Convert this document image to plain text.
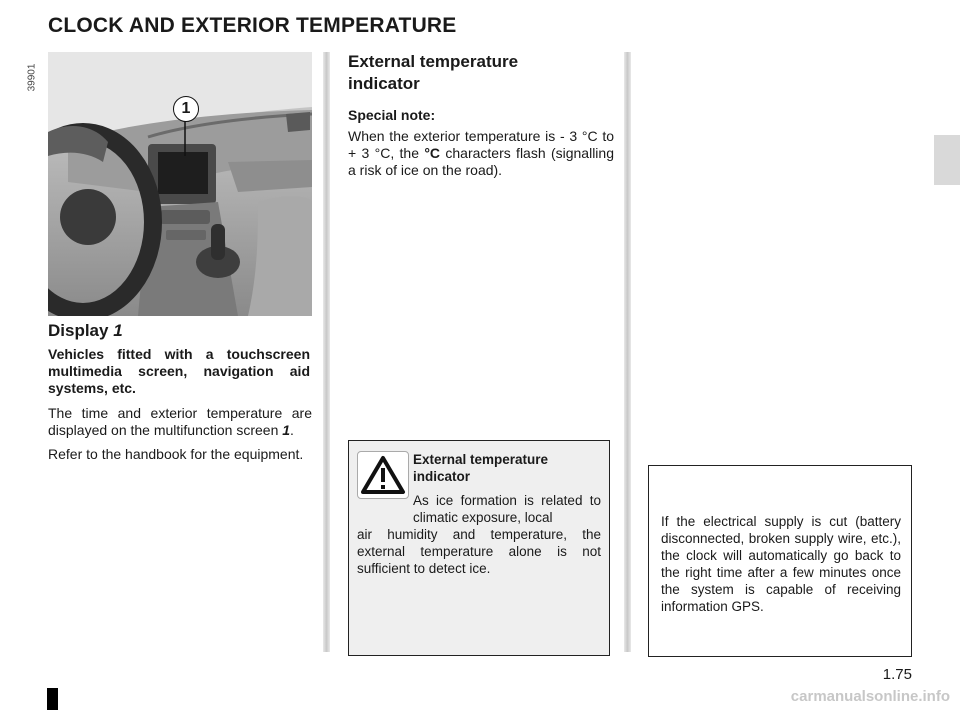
CLOCK AND EXTERIOR TEMPERATURE
39901
1
Display 1

Vehicles fitted with a touchscreen multimedia screen, navigation aid systems, etc.

The time and exterior temperature are displayed on the multifunction screen 1.

Refer to the handbook for the equipment.

External temperature
indicator

Special note:

When the exterior temperature is - 3 °C to + 3 °C, the °C characters flash (signalling a risk of ice on the road).

External temperature indicator

As ice formation is related to climatic exposure, local

air humidity and temperature, the external temperature alone is not sufficient to detect ice.

If the electrical supply is cut (battery disconnected, broken supply wire, etc.), the clock will automatically go back to the right time after a few minutes once the system is capable of receiving information GPS.

1.75
carmanualsonline.info
